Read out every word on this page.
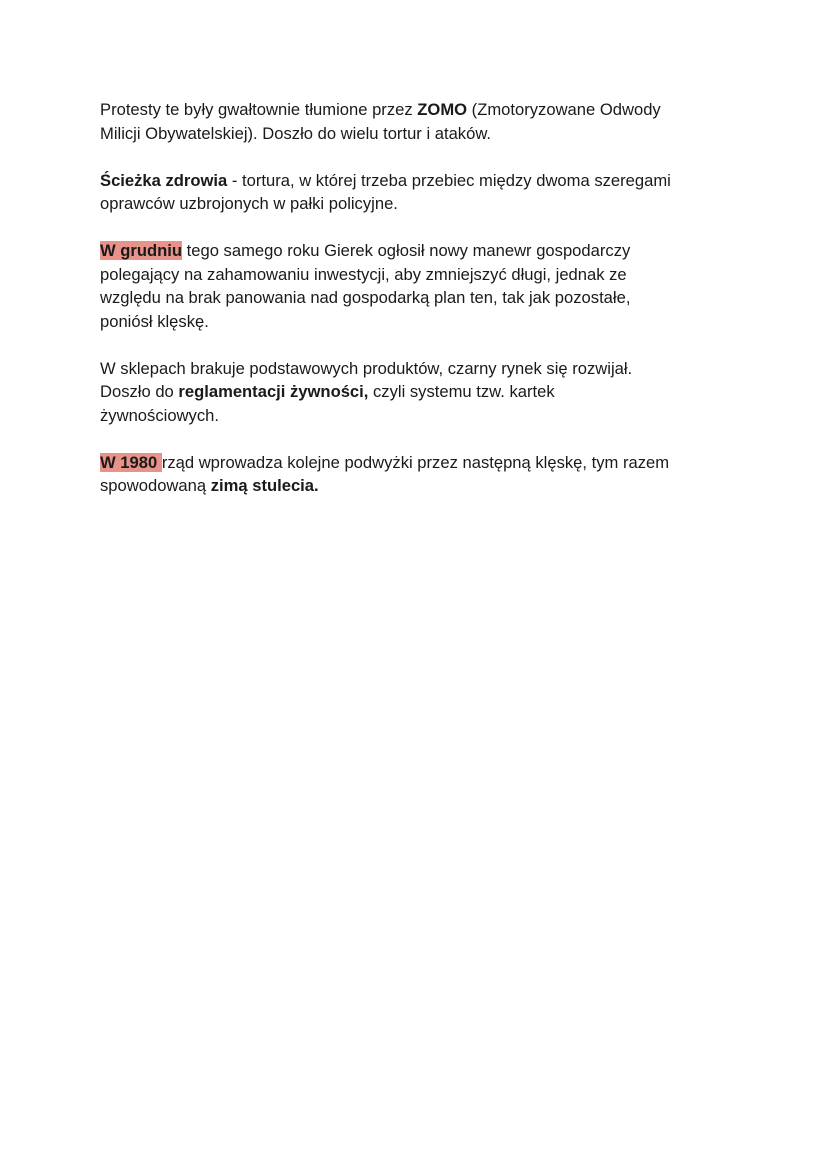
Protesty te były gwałtownie tłumione przez ZOMO (Zmotoryzowane Odwody
Milicji Obywatelskiej). Doszło do wielu tortur i ataków.

Ścieżka zdrowia - tortura, w której trzeba przebiec między dwoma szeregami
oprawców uzbrojonych w pałki policyjne.

W grudniu tego samego roku Gierek ogłosił nowy manewr gospodarczy
polegający na zahamowaniu inwestycji, aby zmniejszyć długi, jednak ze
względu na brak panowania nad gospodarką plan ten, tak jak pozostałe,
poniósł klęskę.

W sklepach brakuje podstawowych produktów, czarny rynek się rozwijał.
Doszło do reglamentacji żywności, czyli systemu tzw. kartek
żywnościowych.

W 1980 rząd wprowadza kolejne podwyżki przez następną klęskę, tym razem
spowodowaną zimą stulecia.
